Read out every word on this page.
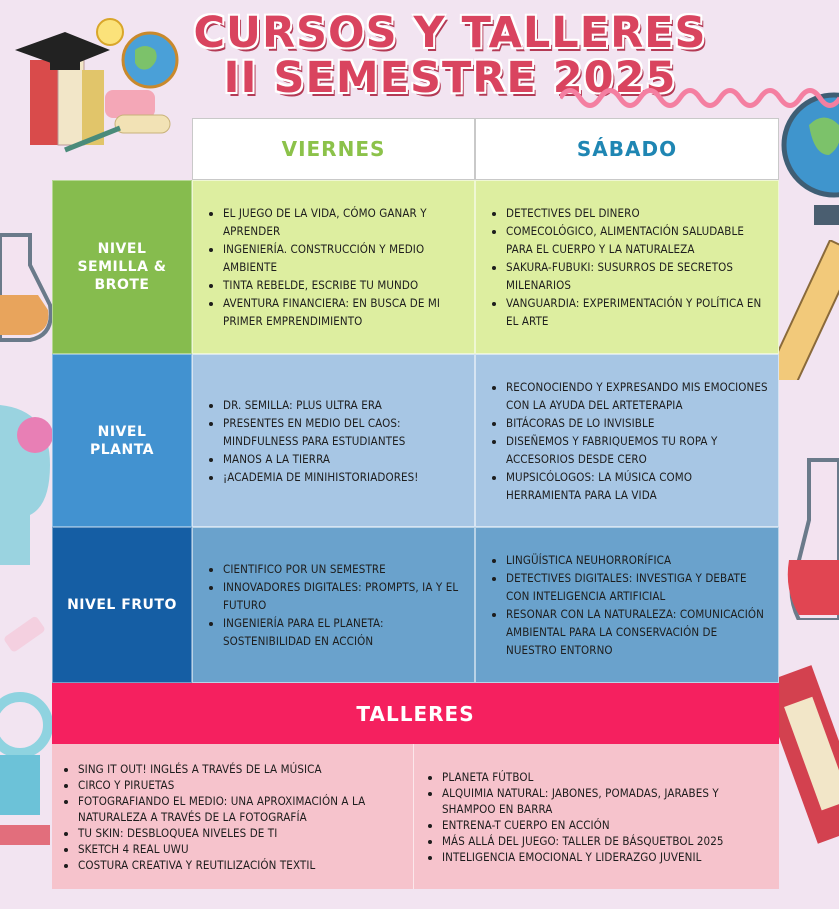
CURSOS Y TALLERES
II SEMESTRE 2025
VIERNES	SÁBADO
NIVEL SEMILLA & BROTE
• EL JUEGO DE LA VIDA, CÓMO GANAR Y APRENDER
• INGENIERÍA. CONSTRUCCIÓN Y MEDIO AMBIENTE
• TINTA REBELDE, ESCRIBE TU MUNDO
• AVENTURA FINANCIERA: EN BUSCA DE MI PRIMER EMPRENDIMIENTO
• DETECTIVES DEL DINERO
• COMECOLÓGICO, ALIMENTACIÓN SALUDABLE PARA EL CUERPO Y LA NATURALEZA
• SAKURA-FUBUKI: SUSURROS DE SECRETOS MILENARIOS
• VANGUARDIA: EXPERIMENTACIÓN Y POLÍTICA EN EL ARTE
NIVEL PLANTA
• DR. SEMILLA: PLUS ULTRA ERA
• PRESENTES EN MEDIO DEL CAOS: MINDFULNESS PARA ESTUDIANTES
• MANOS A LA TIERRA
• ¡ACADEMIA DE MINIHISTORIADORES!
• RECONOCIENDO Y EXPRESANDO MIS EMOCIONES CON LA AYUDA DEL ARTETERAPIA
• BITÁCORAS DE LO INVISIBLE
• DISEÑEMOS Y FABRIQUEMOS TU ROPA Y ACCESORIOS DESDE CERO
• MUPSICÓLOGOS: LA MÚSICA COMO HERRAMIENTA PARA LA VIDA
NIVEL FRUTO
• CIENTIFICO POR UN SEMESTRE
• INNOVADORES DIGITALES: PROMPTS, IA Y EL FUTURO
• INGENIERÍA PARA EL PLANETA: SOSTENIBILIDAD EN ACCIÓN
• LINGÜÍSTICA NEUHORRORÍFICA
• DETECTIVES DIGITALES: INVESTIGA Y DEBATE CON INTELIGENCIA ARTIFICIAL
• RESONAR CON LA NATURALEZA: COMUNICACIÓN AMBIENTAL PARA LA CONSERVACIÓN DE NUESTRO ENTORNO
TALLERES
• SING IT OUT! INGLÉS A TRAVÉS DE LA MÚSICA
• CIRCO Y PIRUETAS
• FOTOGRAFIANDO EL MEDIO: UNA APROXIMACIÓN A LA NATURALEZA A TRAVÉS DE LA FOTOGRAFÍA
• TU SKIN: DESBLOQUEA NIVELES DE TI
• SKETCH 4 REAL UWU
• COSTURA CREATIVA Y REUTILIZACIÓN TEXTIL
• PLANETA FÚTBOL
• ALQUIMIA NATURAL: JABONES, POMADAS, JARABES Y SHAMPOO EN BARRA
• ENTRENA-T CUERPO EN ACCIÓN
• MÁS ALLÁ DEL JUEGO: TALLER DE BÁSQUETBOL 2025
• INTELIGENCIA EMOCIONAL Y LIDERAZGO JUVENIL
